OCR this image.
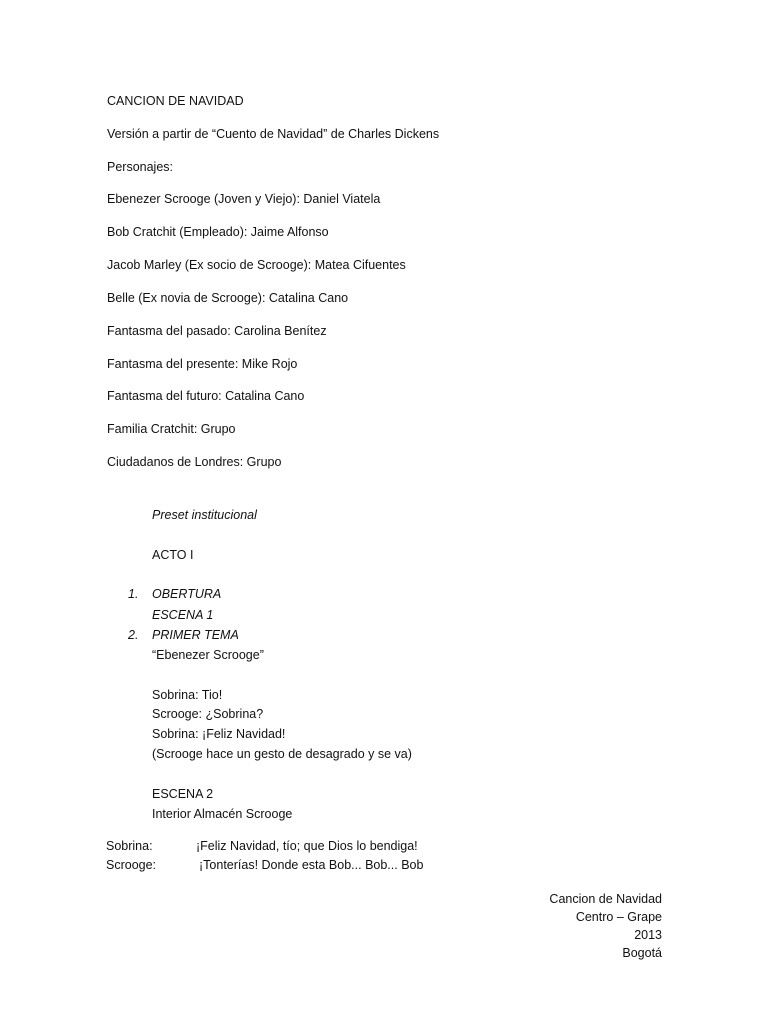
CANCION DE NAVIDAD
Versión a partir de “Cuento de Navidad” de Charles Dickens
Personajes:
Ebenezer Scrooge (Joven y Viejo): Daniel Viatela
Bob Cratchit (Empleado): Jaime Alfonso
Jacob Marley (Ex socio de Scrooge): Matea Cifuentes
Belle (Ex novia de Scrooge): Catalina Cano
Fantasma del pasado: Carolina Benítez
Fantasma del presente: Mike Rojo
Fantasma del futuro: Catalina Cano
Familia Cratchit: Grupo
Ciudadanos de Londres: Grupo
Preset institucional
ACTO I
1. OBERTURA
ESCENA 1
2. PRIMER TEMA
“Ebenezer Scrooge”
Sobrina: Tio!
Scrooge: ¿Sobrina?
Sobrina: ¡Feliz Navidad!
(Scrooge hace un gesto de desagrado y se va)
ESCENA 2
Interior Almacén Scrooge
Sobrina:	¡Feliz Navidad, tío; que Dios lo bendiga!
Scrooge:	¡Tonterías! Donde esta Bob... Bob... Bob
Cancion de Navidad
Centro – Grape
2013
Bogotá
